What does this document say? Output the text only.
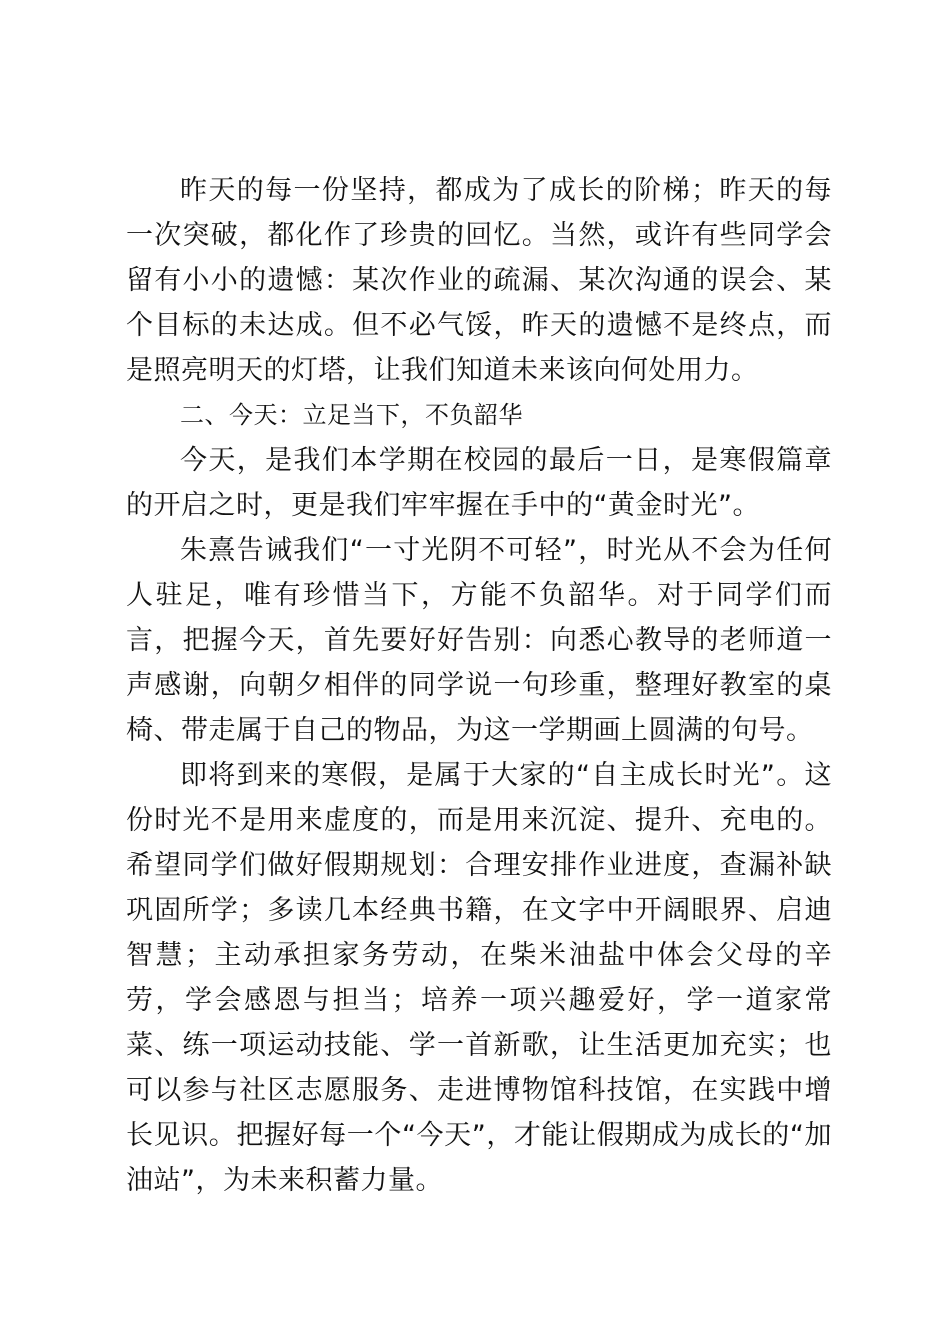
昨天的每一份坚持，都成为了成长的阶梯；昨天的每一次突破，都化作了珍贵的回忆。当然，或许有些同学会留有小小的遗憾：某次作业的疏漏、某次沟通的误会、某个目标的未达成。但不必气馁，昨天的遗憾不是终点，而是照亮明天的灯塔，让我们知道未来该向何处用力。

二、今天：立足当下，不负韶华

今天，是我们本学期在校园的最后一日，是寒假篇章的开启之时，更是我们牢牢握在手中的“黄金时光”。

朱熹告诫我们“一寸光阴不可轻”，时光从不会为任何人驻足，唯有珍惜当下，方能不负韶华。对于同学们而言，把握今天，首先要好好告别：向悉心教导的老师道一声感谢，向朝夕相伴的同学说一句珍重，整理好教室的桌椅、带走属于自己的物品，为这一学期画上圆满的句号。

即将到来的寒假，是属于大家的“自主成长时光”。这份时光不是用来虚度的，而是用来沉淀、提升、充电的。希望同学们做好假期规划：合理安排作业进度，查漏补缺巩固所学；多读几本经典书籍，在文字中开阔眼界、启迪智慧；主动承担家务劳动，在柴米油盐中体会父母的辛劳，学会感恩与担当；培养一项兴趣爱好，学一道家常菜、练一项运动技能、学一首新歌，让生活更加充实；也可以参与社区志愿服务、走进博物馆科技馆，在实践中增长见识。把握好每一个“今天”，才能让假期成为成长的“加油站”，为未来积蓄力量。
